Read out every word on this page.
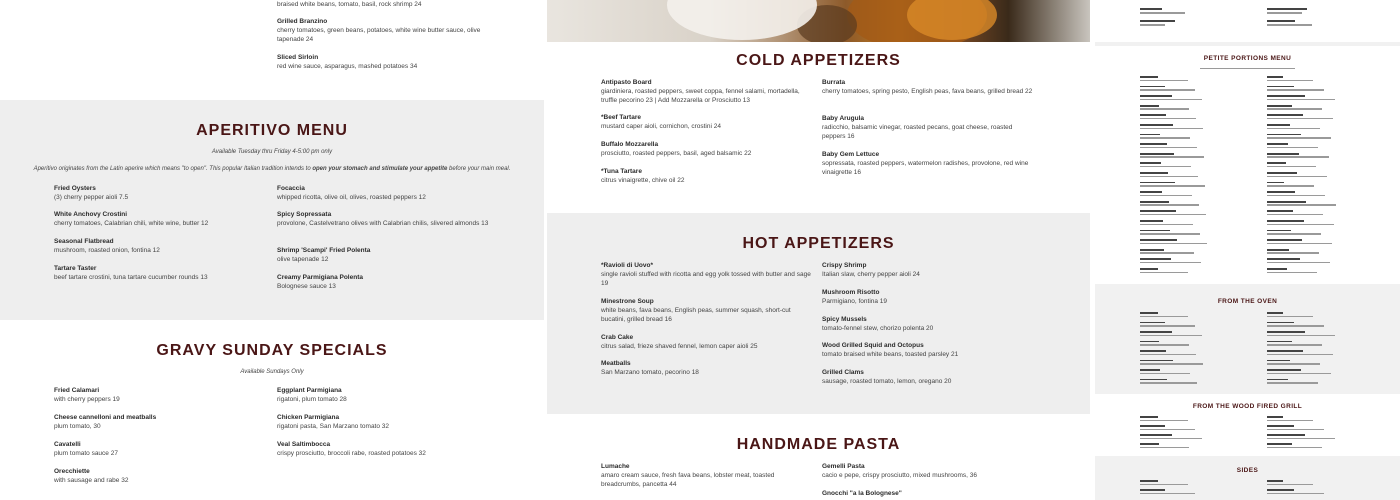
braised white beans, tomato, basil, rock shrimp 24
Grilled Branzino
cherry tomatoes, green beans, potatoes, white wine butter sauce, olive tapenade 24
Sliced Sirloin
red wine sauce, asparagus, mashed potatoes 34
APERITIVO MENU
Available Tuesday thru Friday 4-5:00 pm only
Aperitivo originates from the Latin aperire which means "to open". This popular Italian tradition intends to open your stomach and stimulate your appetite before your main meal.
Fried Oysters
(3) cherry pepper aioli 7.5
White Anchovy Crostini
cherry tomatoes, Calabrian chili, white wine, butter 12
Seasonal Flatbread
mushroom, roasted onion, fontina 12
Tartare Taster
beef tartare crostini, tuna tartare cucumber rounds 13
Focaccia
whipped ricotta, olive oil, olives, roasted peppers 12
Spicy Sopressata
provolone, Castelvetrano olives with Calabrian chilis, slivered almonds 13
Shrimp 'Scampi' Fried Polenta
olive tapenade 12
Creamy Parmigiana Polenta
Bolognese sauce 13
GRAVY SUNDAY SPECIALS
Available Sundays Only
Fried Calamari
with cherry peppers 19
Cheese cannelloni and meatballs
plum tomato, 30
Cavatelli
plum tomato sauce 27
Orecchiette
with sausage and rabe 32
Eggplant Parmigiana
rigatoni, plum tomato 28
Chicken Parmigiana
rigatoni pasta, San Marzano tomato 32
Veal Saltimbocca
crispy prosciutto, broccoli rabe, roasted potatoes 32
COLD APPETIZERS
Antipasto Board
giardiniera, roasted peppers, sweet coppa, fennel salami, mortadella, truffle pecorino 23 | Add Mozzarella or Prosciutto 13
*Beef Tartare
mustard caper aioli, cornichon, crostini 24
Buffalo Mozzarella
prosciutto, roasted peppers, basil, aged balsamic 22
*Tuna Tartare
citrus vinaigrette, chive oil 22
Burrata
cherry tomatoes, spring pesto, English peas, fava beans, grilled bread 22
Baby Arugula
radicchio, balsamic vinegar, roasted pecans, goat cheese, roasted peppers 16
Baby Gem Lettuce
sopressata, roasted peppers, watermelon radishes, provolone, red wine vinaigrette 16
HOT APPETIZERS
*Ravioli di Uovo*
single ravioli stuffed with ricotta and egg yolk tossed with butter and sage 19
Minestrone Soup
white beans, fava beans, English peas, summer squash, short-cut bucatini, grilled bread 16
Crab Cake
citrus salad, frieze shaved fennel, lemon caper aioli 25
Meatballs
San Marzano tomato, pecorino 18
Crispy Shrimp
Italian slaw, cherry pepper aioli 24
Mushroom Risotto
Parmigiano, fontina 19
Spicy Mussels
tomato-fennel stew, chorizo polenta 20
Wood Grilled Squid and Octopus
tomato braised white beans, toasted parsley 21
Grilled Clams
sausage, roasted tomato, lemon, oregano 20
HANDMADE PASTA
Lumache
amaro cream sauce, fresh fava beans, lobster meat, toasted breadcrumbs, pancetta 44
Gemelli Pasta
cacio e pepe, crispy prosciutto, mixed mushrooms, 36
Gnocchi "a la Bolognese"
PETITE PORTIONS MENU
FROM THE OVEN
FROM THE WOOD FIRED GRILL
SIDES
